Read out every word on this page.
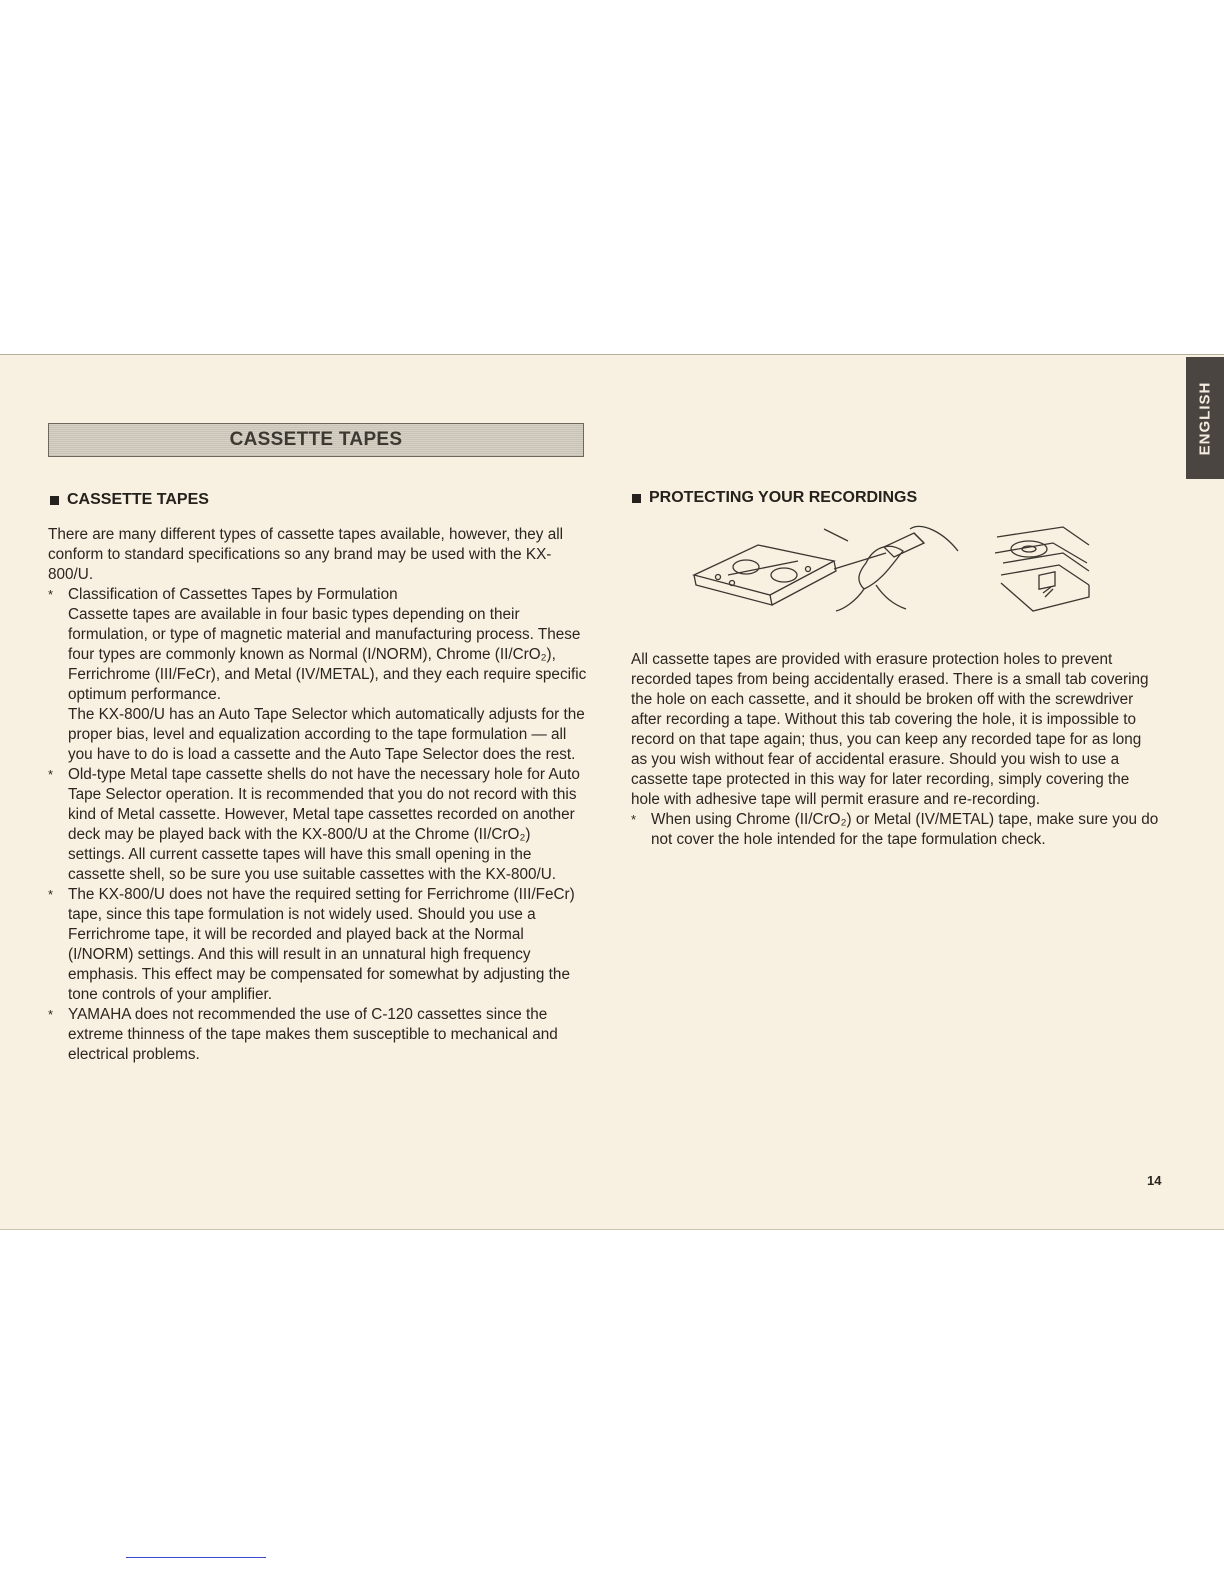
ENGLISH
CASSETTE TAPES
CASSETTE TAPES

There are many different types of cassette tapes available, however, they all conform to standard specifications so any brand may be used with the KX-800/U.

* Classification of Cassettes Tapes by Formulation

Cassette tapes are available in four basic types depending on their formulation, or type of magnetic material and manufacturing process. These four types are commonly known as Normal (I/NORM), Chrome (II/CrO₂), Ferrichrome (III/FeCr), and Metal (IV/METAL), and they each require specific optimum performance.

The KX-800/U has an Auto Tape Selector which automatically adjusts for the proper bias, level and equalization according to the tape formulation — all you have to do is load a cassette and the Auto Tape Selector does the rest.

* Old-type Metal tape cassette shells do not have the necessary hole for Auto Tape Selector operation. It is recommended that you do not record with this kind of Metal cassette. However, Metal tape cassettes recorded on another deck may be played back with the KX-800/U at the Chrome (II/CrO₂) settings. All current cassette tapes will have this small opening in the cassette shell, so be sure you use suitable cassettes with the KX-800/U.

* The KX-800/U does not have the required setting for Ferrichrome (III/FeCr) tape, since this tape formulation is not widely used. Should you use a Ferrichrome tape, it will be recorded and played back at the Normal (I/NORM) settings. And this will result in an unnatural high frequency emphasis. This effect may be compensated for somewhat by adjusting the tone controls of your amplifier.

* YAMAHA does not recommended the use of C-120 cassettes since the extreme thinness of the tape makes them susceptible to mechanical and electrical problems.

PROTECTING YOUR RECORDINGS

All cassette tapes are provided with erasure protection holes to prevent recorded tapes from being accidentally erased. There is a small tab covering the hole on each cassette, and it should be broken off with the screwdriver after recording a tape. Without this tab covering the hole, it is impossible to record on that tape again; thus, you can keep any recorded tape for as long as you wish without fear of accidental erasure. Should you wish to use a cassette tape protected in this way for later recording, simply covering the hole with adhesive tape will permit erasure and re-recording.

* When using Chrome (II/CrO₂) or Metal (IV/METAL) tape, make sure you do not cover the hole intended for the tape formulation check.

14
